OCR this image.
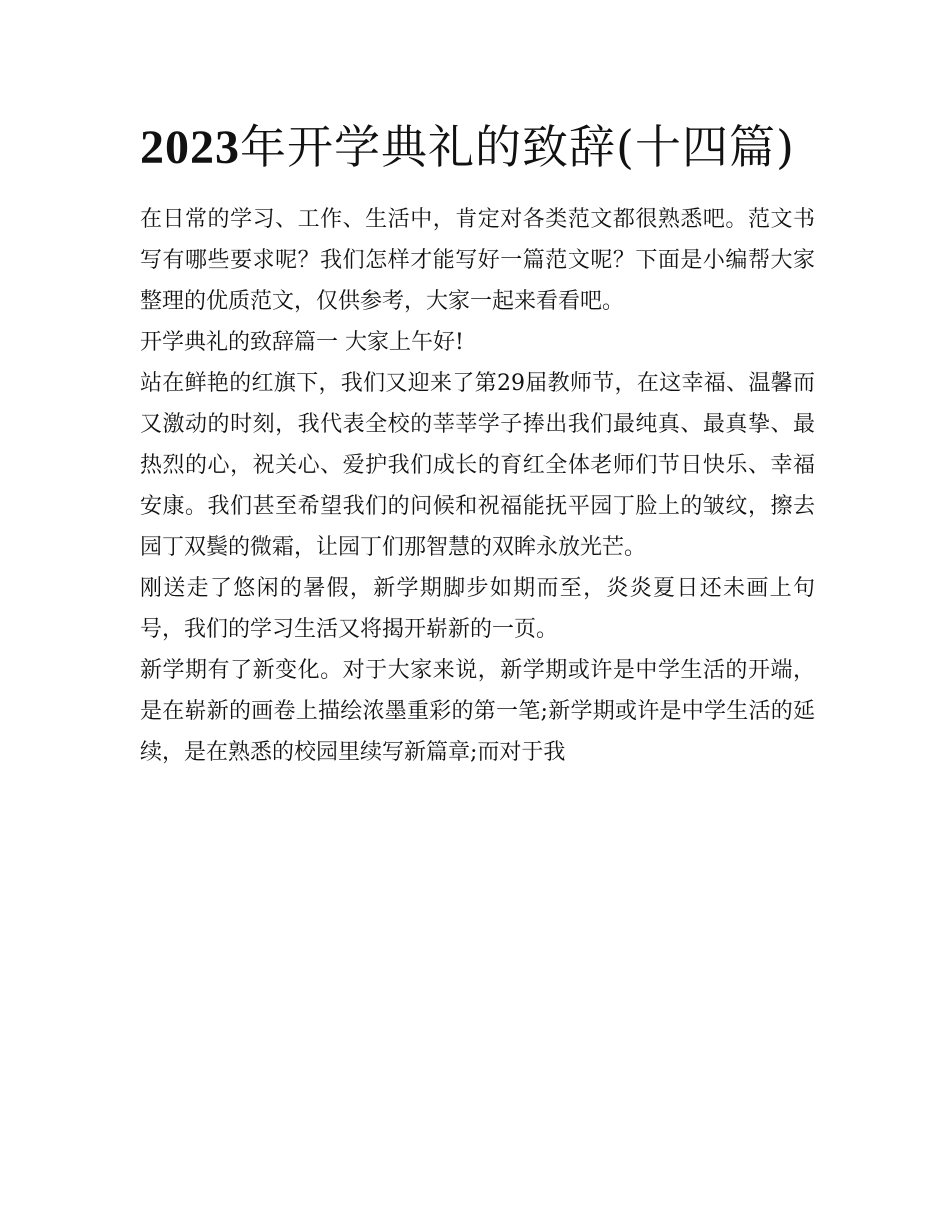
2023年开学典礼的致辞(十四篇)

在日常的学习、工作、生活中，肯定对各类范文都很熟悉吧。范文书写有哪些要求呢？我们怎样才能写好一篇范文呢？下面是小编帮大家整理的优质范文，仅供参考，大家一起来看看吧。

开学典礼的致辞篇一 大家上午好!

站在鲜艳的红旗下，我们又迎来了第29届教师节，在这幸福、温馨而又激动的时刻，我代表全校的莘莘学子捧出我们最纯真、最真挚、最热烈的心，祝关心、爱护我们成长的育红全体老师们节日快乐、幸福安康。我们甚至希望我们的问候和祝福能抚平园丁脸上的皱纹，擦去园丁双鬓的微霜，让园丁们那智慧的双眸永放光芒。

刚送走了悠闲的暑假，新学期脚步如期而至，炎炎夏日还未画上句号，我们的学习生活又将揭开崭新的一页。

新学期有了新变化。对于大家来说，新学期或许是中学生活的开端，是在崭新的画卷上描绘浓墨重彩的第一笔;新学期或许是中学生活的延续，是在熟悉的校园里续写新篇章;而对于我
